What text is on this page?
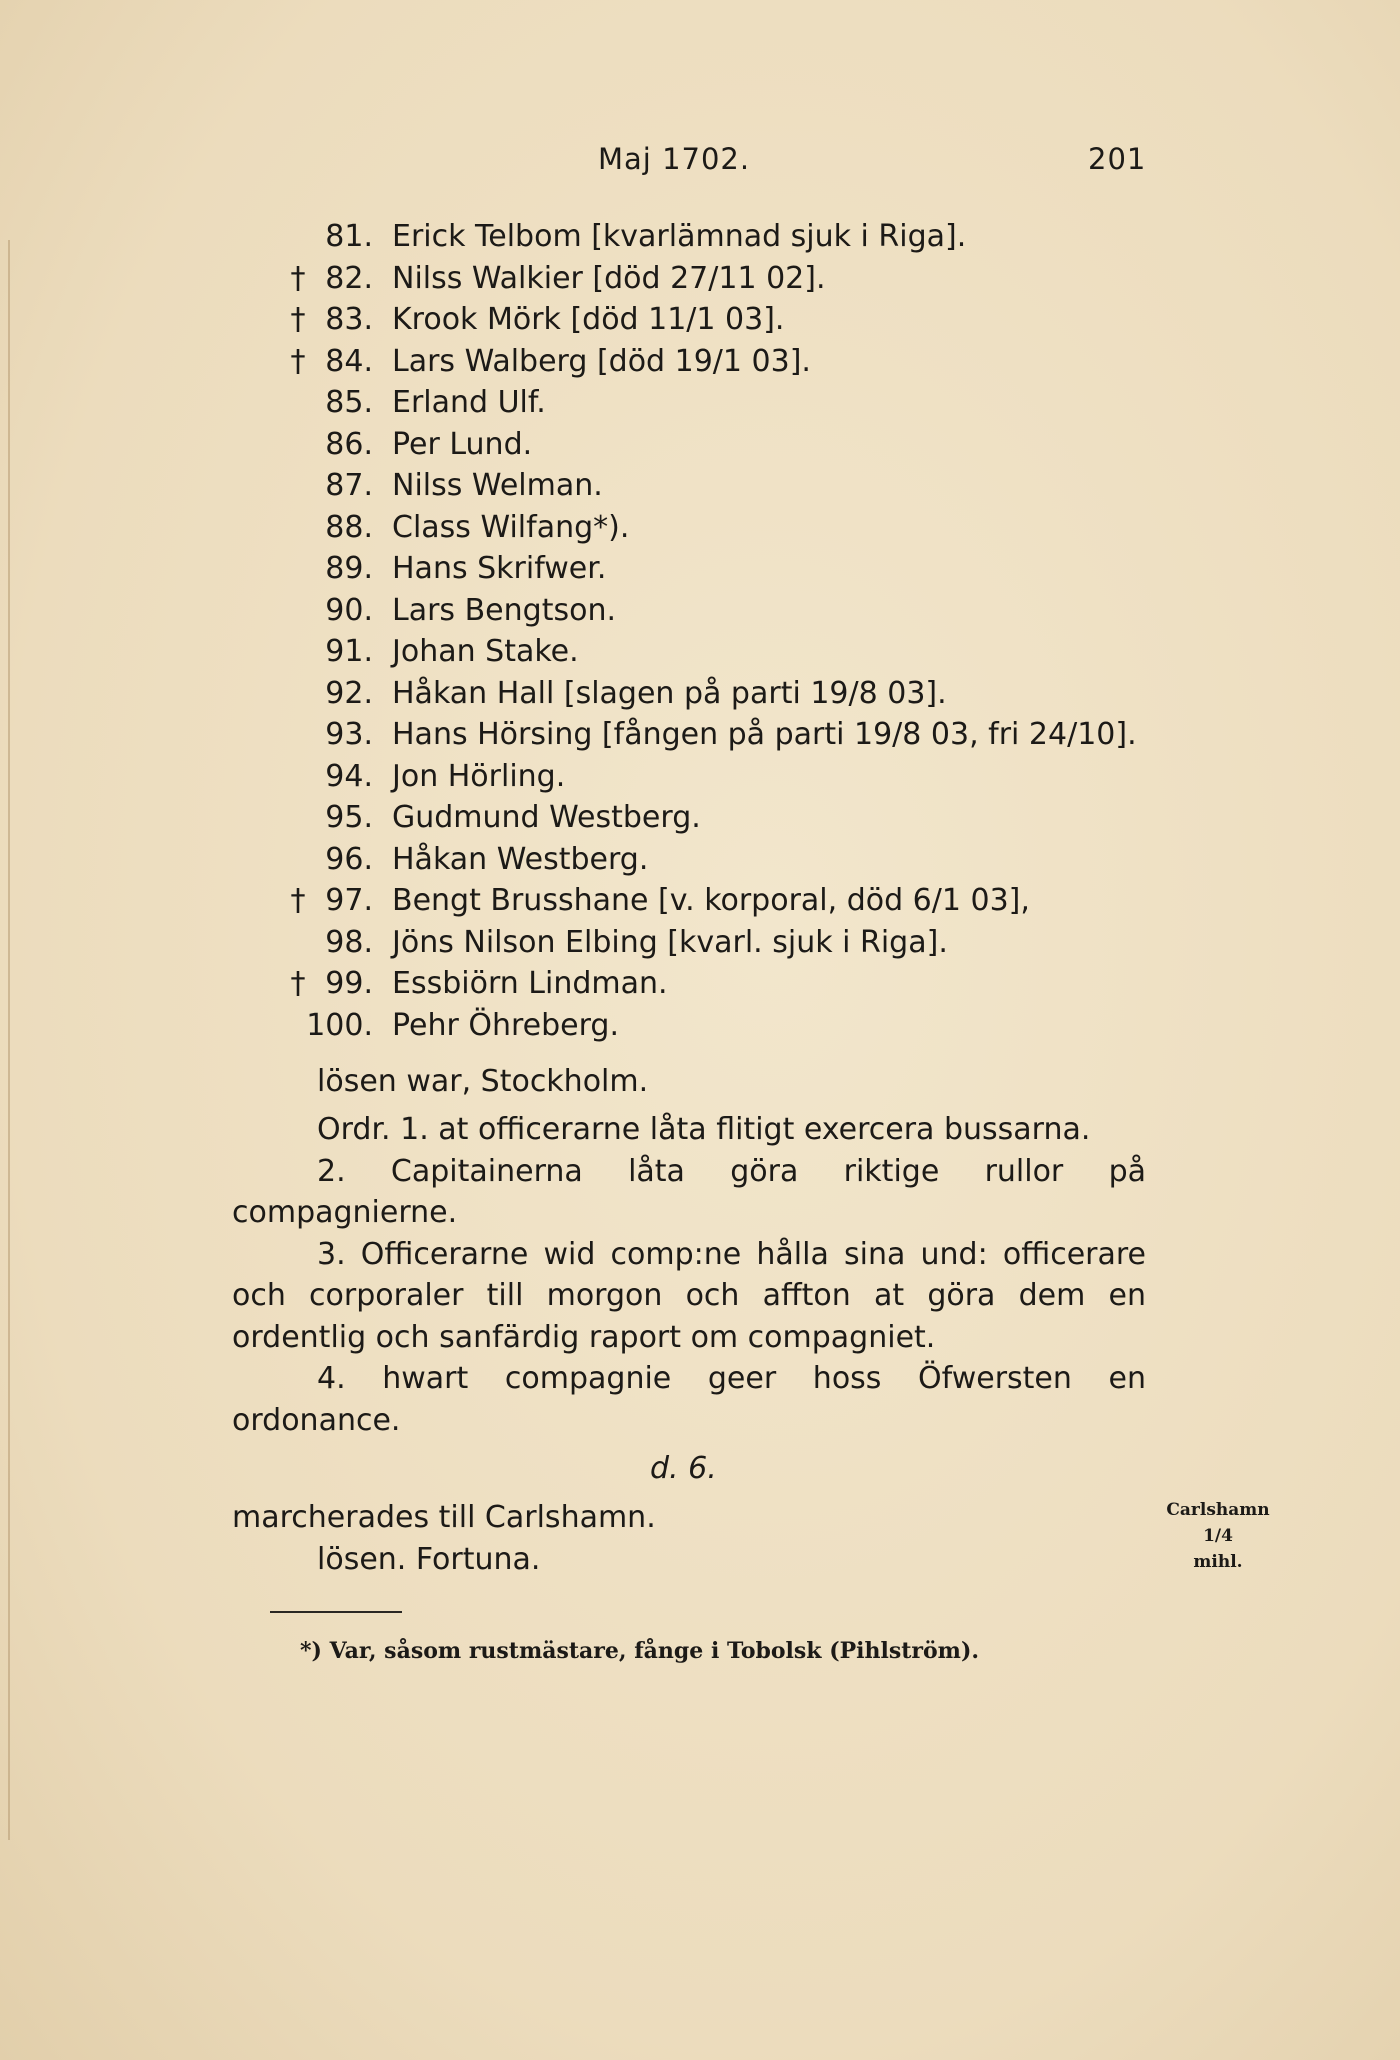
Maj 1702.	201
81. Erick Telbom [kvarlämnad sjuk i Riga].
† 82. Nilss Walkier [död 27/11 02].
† 83. Krook Mörk [död 11/1 03].
† 84. Lars Walberg [död 19/1 03].
85. Erland Ulf.
86. Per Lund.
87. Nilss Welman.
88. Class Wilfang*).
89. Hans Skrifwer.
90. Lars Bengtson.
91. Johan Stake.
92. Håkan Hall [slagen på parti 19/8 03].
93. Hans Hörsing [fången på parti 19/8 03, fri 24/10].
94. Jon Hörling.
95. Gudmund Westberg.
96. Håkan Westberg.
† 97. Bengt Brusshane [v. korporal, död 6/1 03],
98. Jöns Nilson Elbing [kvarl. sjuk i Riga].
† 99. Essbiörn Lindman.
100. Pehr Öhreberg.

lösen war, Stockholm.

Ordr. 1. at officerarne låta flitigt exercera bussarna.

2. Capitainerna låta göra riktige rullor på compagnierne.

3. Officerarne wid comp:ne hålla sina und: officerare och corporaler till morgon och affton at göra dem en ordentlig och sanfärdig raport om compagniet.

4. hwart compagnie geer hoss Öfwersten en ordonance.

d. 6.

marcherades till Carlshamn.

lösen. Fortuna.

Carlshamn 1/4
mihl.
*) Var, såsom rustmästare, fånge i Tobolsk (Pihlström).
